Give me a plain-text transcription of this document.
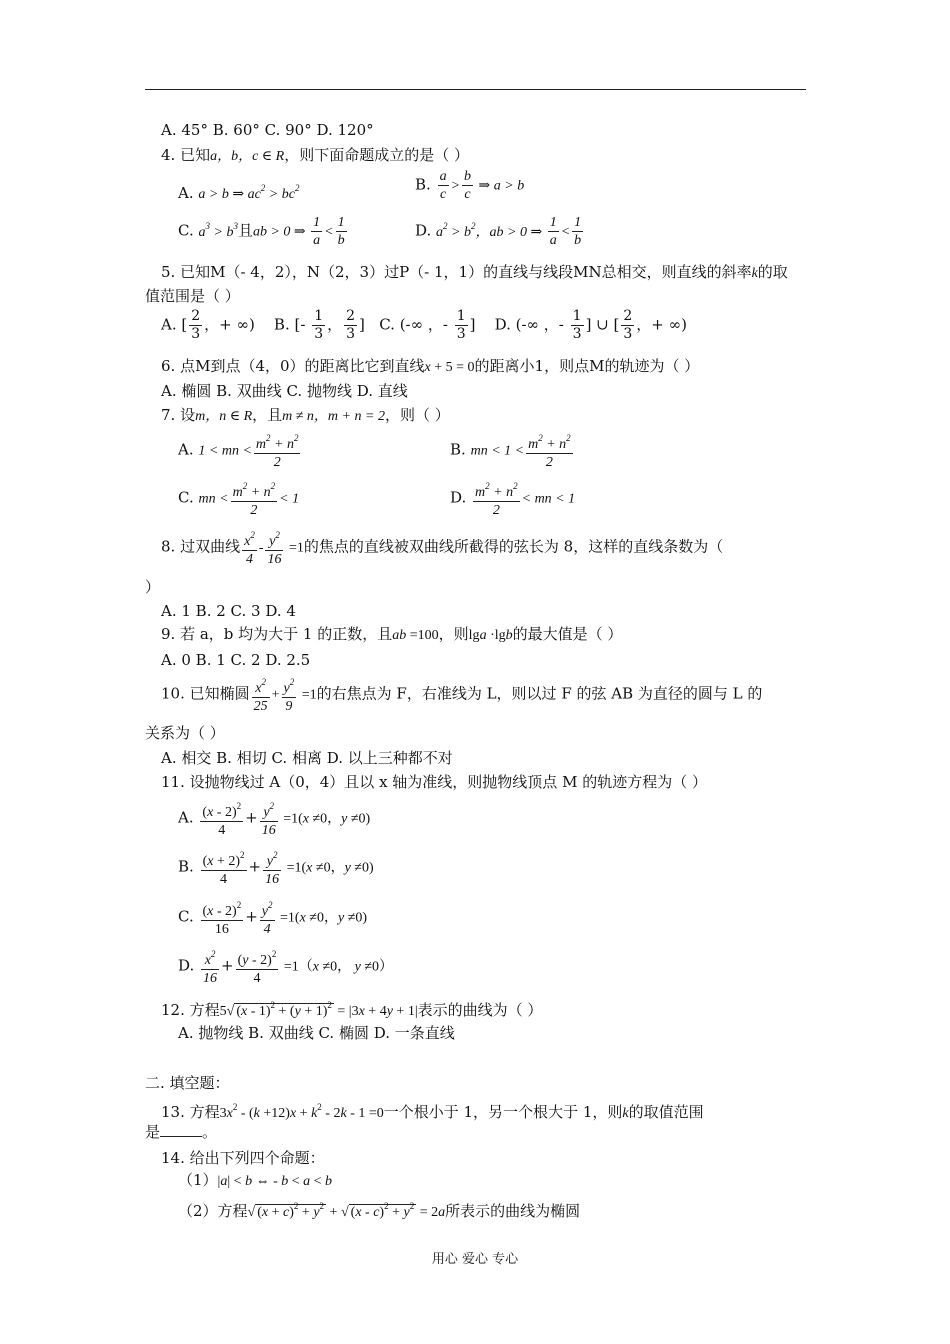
A. 45° B. 60° C. 90° D. 120°
4. 已知a，b，c ∈ R，则下面命题成立的是（ ）
A. a > b ⇒ $ac^2 > bc^2$	B. $\frac{a}{c} > \frac{b}{c}$ ⇒ a > b
C. $a^3 > b^3$且ab > 0 ⇒ $\frac{1}{a} < \frac{1}{b}$	D. $a^2 > b^2$，ab > 0 ⇒ $\frac{1}{a} < \frac{1}{b}$
5. 已知M（- 4，2），N（2，3）过P（- 1，1）的直线与线段MN总相交，则直线的斜率k的取
值范围是（ ）
A. [ $\frac{2}{3}$ ，+ ∞)    B. [- $\frac{1}{3}$ ， $\frac{2}{3}$ ]   C. (-∞ ，- $\frac{1}{3}$ ]    D. (-∞ ，- $\frac{1}{3}$ ] ∪ [ $\frac{2}{3}$ ，+ ∞)
6. 点M到点（4，0）的距离比它到直线x + 5 = 0的距离小1，则点M的轨迹为（ ）
A. 椭圆 B. 双曲线 C. 抛物线 D. 直线
7. 设m，n ∈ R，且m ≠ n，m + n = 2，则（ ）
A. 1 < mn < $\frac{m^2 + n^2}{2}$	B. mn < $1 < \frac{m^2 + n^2}{2}$
C. mn < $\frac{m^2 + n^2}{2} < 1$	D. $\frac{m^2 + n^2}{2}$ < mn < 1
8. 过双曲线 $\frac{x^2}{4} - \frac{y^2}{16} =1$的焦点的直线被双曲线所截得的弦长为 8，这样的直线条数为（
）
A. 1 B. 2 C. 3 D. 4
9. 若 a，b 均为大于 1 的正数，且ab =100，则lga ·lgb的最大值是（ ）
A. 0 B. 1 C. 2 D. 2.5
10. 已知椭圆 $\frac{x^2}{25} + \frac{y^2}{9} =1$的右焦点为 F，右准线为 L，则以过 F 的弦 AB 为直径的圆与 L 的
关系为（ ）
A. 相交 B. 相切 C. 相离 D. 以上三种都不对
11. 设抛物线过 A（0，4）且以 x 轴为准线，则抛物线顶点 M 的轨迹方程为（ ）
A. $\frac{(x - 2)^2}{4} + \frac{y^2}{16} =1(x \ne 0$，y ≠0)
B. $\frac{(x + 2)^2}{4} + \frac{y^2}{16} =1(x \ne 0$，y ≠0)
C. $\frac{(x - 2)^2}{16} + \frac{y^2}{4} =1(x \ne 0$，y ≠0)
D. $\frac{x^2}{16} + \frac{(y - 2)^2}{4} =1(x \ne 0$， y ≠0）
12. 方程5√ $(x - 1)^2 + (y + 1)^2 = |3x + 4y + 1|$表示的曲线为（ ）
A. 抛物线 B. 双曲线 C. 椭圆 D. 一条直线
二. 填空题：
13. 方程$3x^2 - (k +12)x + k^2 - 2k - 1 =0$一个根小于 1，另一个根大于 1，则k的取值范围
是	。
14. 给出下列四个命题：
（1）|a| < b ⇔ - b < a < b
（2）方程√ $(x + c)^2 + y^2$ + √ $(x - c)^2 + y^2 = 2a$所表示的曲线为椭圆
用心 爱心 专心
